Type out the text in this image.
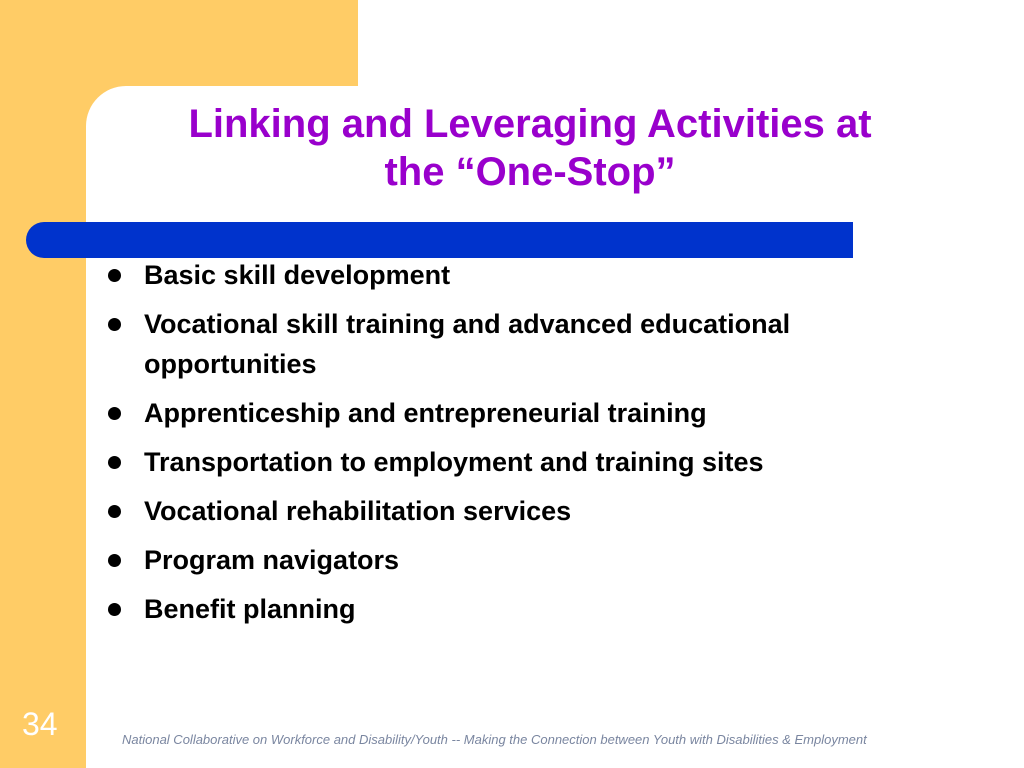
Linking and Leveraging Activities at
the “One-Stop”
Basic skill development
Vocational skill training and advanced educational opportunities
Apprenticeship and entrepreneurial training
Transportation to employment and training sites
Vocational rehabilitation services
Program navigators
Benefit planning
34	National Collaborative on Workforce and Disability/Youth -- Making the Connection between Youth with Disabilities & Employment
